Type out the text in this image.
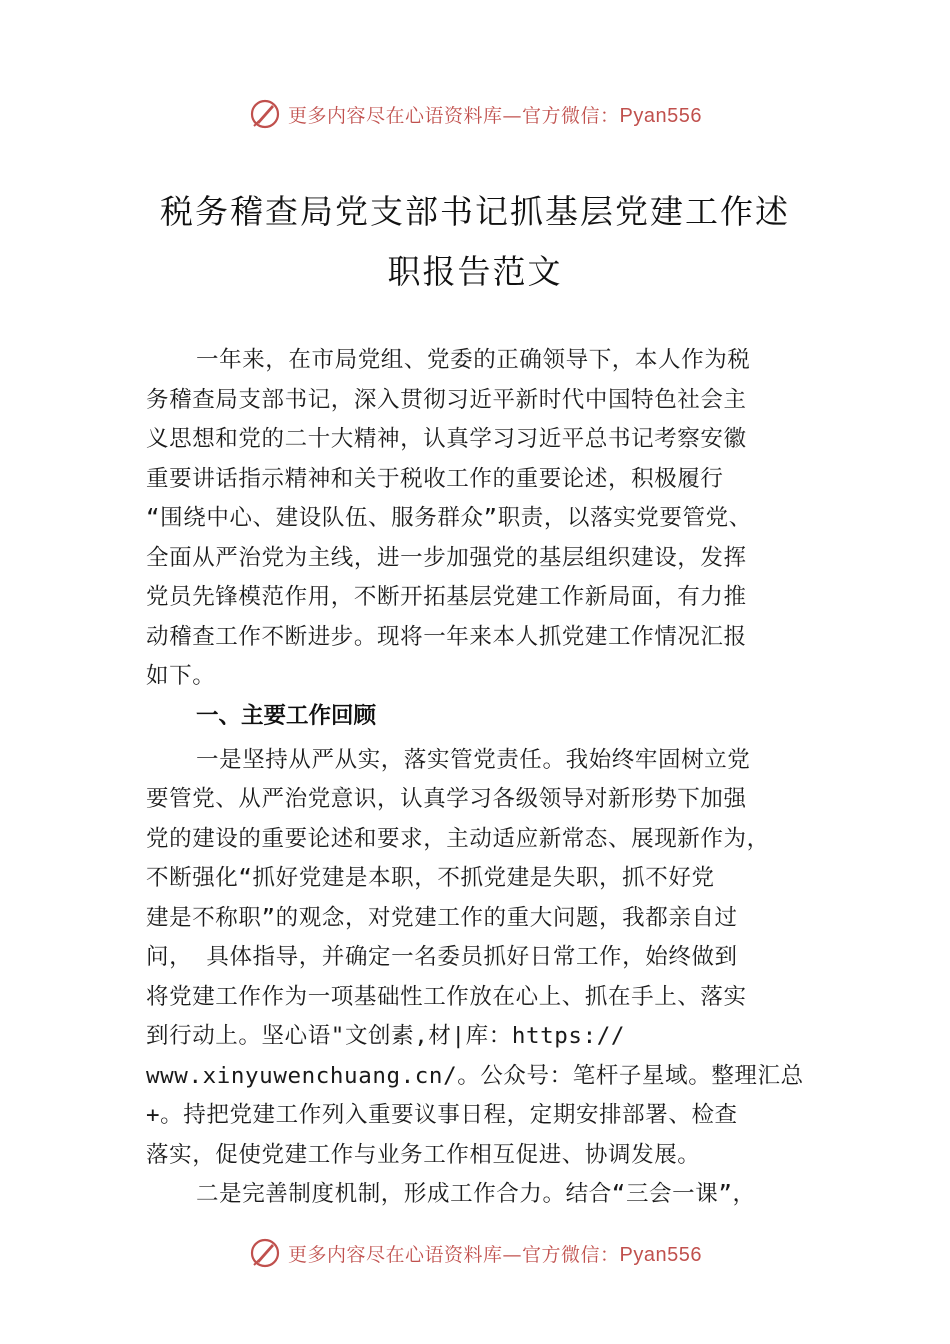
更多内容尽在心语资料库—官方微信：Pyan556
税务稽查局党支部书记抓基层党建工作述
职报告范文
一年来，在市局党组、党委的正确领导下，本人作为税
务稽查局支部书记，深入贯彻习近平新时代中国特色社会主
义思想和党的二十大精神，认真学习习近平总书记考察安徽
重要讲话指示精神和关于税收工作的重要论述，积极履行
“围绕中心、建设队伍、服务群众”职责，以落实党要管党、
全面从严治党为主线，进一步加强党的基层组织建设，发挥
党员先锋模范作用，不断开拓基层党建工作新局面，有力推
动稽查工作不断进步。现将一年来本人抓党建工作情况汇报
如下。
一、主要工作回顾
一是坚持从严从实，落实管党责任。我始终牢固树立党
要管党、从严治党意识，认真学习各级领导对新形势下加强
党的建设的重要论述和要求，主动适应新常态、展现新作为，
不断强化“抓好党建是本职，不抓党建是失职，抓不好党
建是不称职”的观念，对党建工作的重大问题，我都亲自过
问， 具体指导，并确定一名委员抓好日常工作，始终做到
将党建工作作为一项基础性工作放在心上、抓在手上、落实
到行动上。坚心语"文创素,材|库：https://
www.xinyuwenchuang.cn/。公众号：笔杆子星域。整理汇总
+。持把党建工作列入重要议事日程，定期安排部署、检查
落实，促使党建工作与业务工作相互促进、协调发展。
二是完善制度机制，形成工作合力。结合“三会一课”，
更多内容尽在心语资料库—官方微信：Pyan556
